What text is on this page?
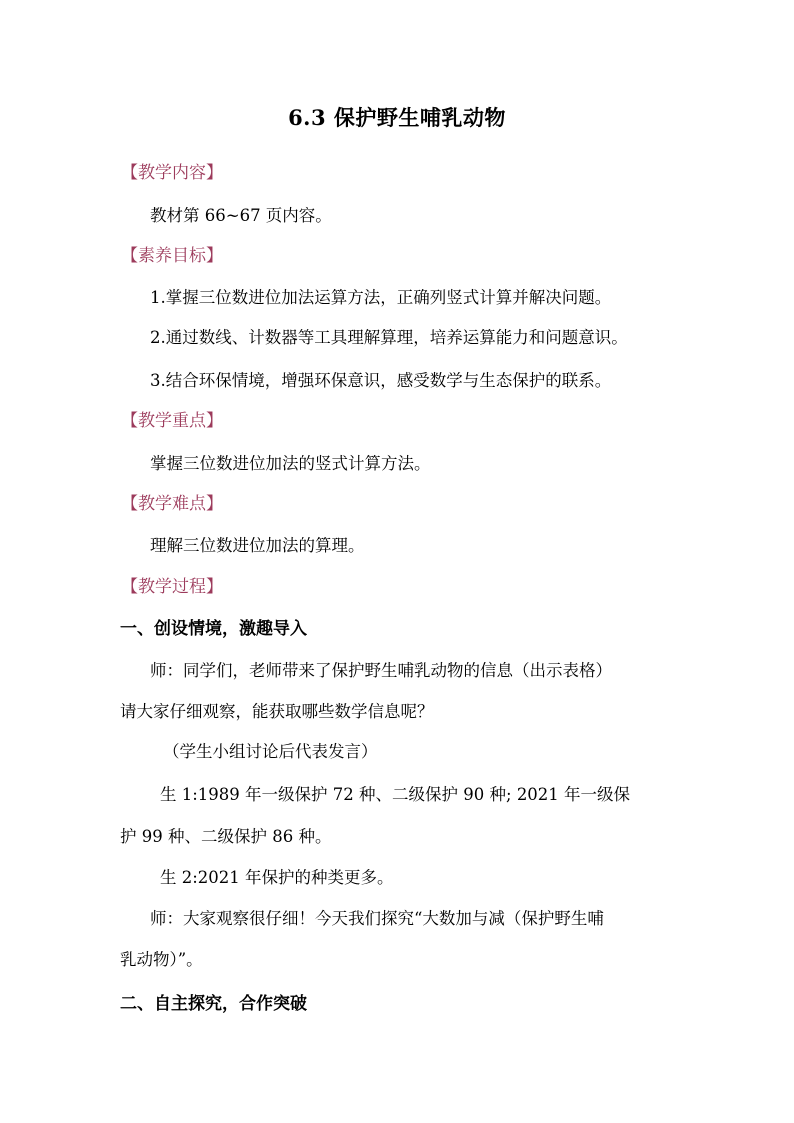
6.3 保护野生哺乳动物
【教学内容】
教材第 66~67 页内容。
【素养目标】
1.掌握三位数进位加法运算方法，正确列竖式计算并解决问题。
2.通过数线、计数器等工具理解算理，培养运算能力和问题意识。
3.结合环保情境，增强环保意识，感受数学与生态保护的联系。
【教学重点】
掌握三位数进位加法的竖式计算方法。
【教学难点】
理解三位数进位加法的算理。
【教学过程】
一、创设情境，激趣导入
师：同学们，老师带来了保护野生哺乳动物的信息（出示表格）
请大家仔细观察，能获取哪些数学信息呢？
（学生小组讨论后代表发言）
生 1:1989 年一级保护 72 种、二级保护 90 种; 2021 年一级保
护 99 种、二级保护 86 种。
生 2:2021 年保护的种类更多。
师：大家观察很仔细！今天我们探究“大数加与减（保护野生哺
乳动物）”。
二、自主探究，合作突破
